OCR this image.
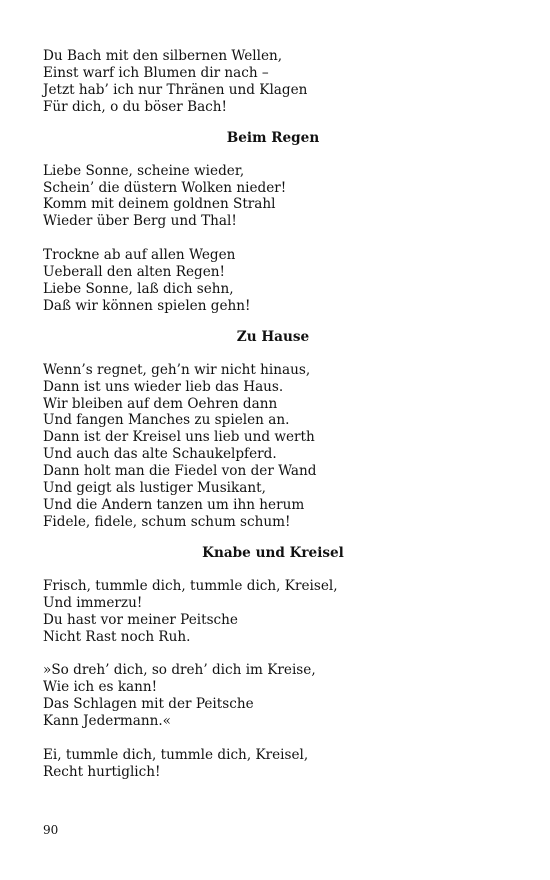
Du Bach mit den silbernen Wellen,
Einst warf ich Blumen dir nach –
Jetzt hab’ ich nur Thränen und Klagen
Für dich, o du böser Bach!
Beim Regen
Liebe Sonne, scheine wieder,
Schein’ die düstern Wolken nieder!
Komm mit deinem goldnen Strahl
Wieder über Berg und Thal!
Trockne ab auf allen Wegen
Ueberall den alten Regen!
Liebe Sonne, laß dich sehn,
Daß wir können spielen gehn!
Zu Hause
Wenn’s regnet, geh’n wir nicht hinaus,
Dann ist uns wieder lieb das Haus.
Wir bleiben auf dem Oehren dann
Und fangen Manches zu spielen an.
Dann ist der Kreisel uns lieb und werth
Und auch das alte Schaukelpferd.
Dann holt man die Fiedel von der Wand
Und geigt als lustiger Musikant,
Und die Andern tanzen um ihn herum
Fidele, fidele, schum schum schum!
Knabe und Kreisel
Frisch, tummle dich, tummle dich, Kreisel,
Und immerzu!
Du hast vor meiner Peitsche
Nicht Rast noch Ruh.
»So dreh’ dich, so dreh’ dich im Kreise,
Wie ich es kann!
Das Schlagen mit der Peitsche
Kann Jedermann.«
Ei, tummle dich, tummle dich, Kreisel,
Recht hurtiglich!
90
